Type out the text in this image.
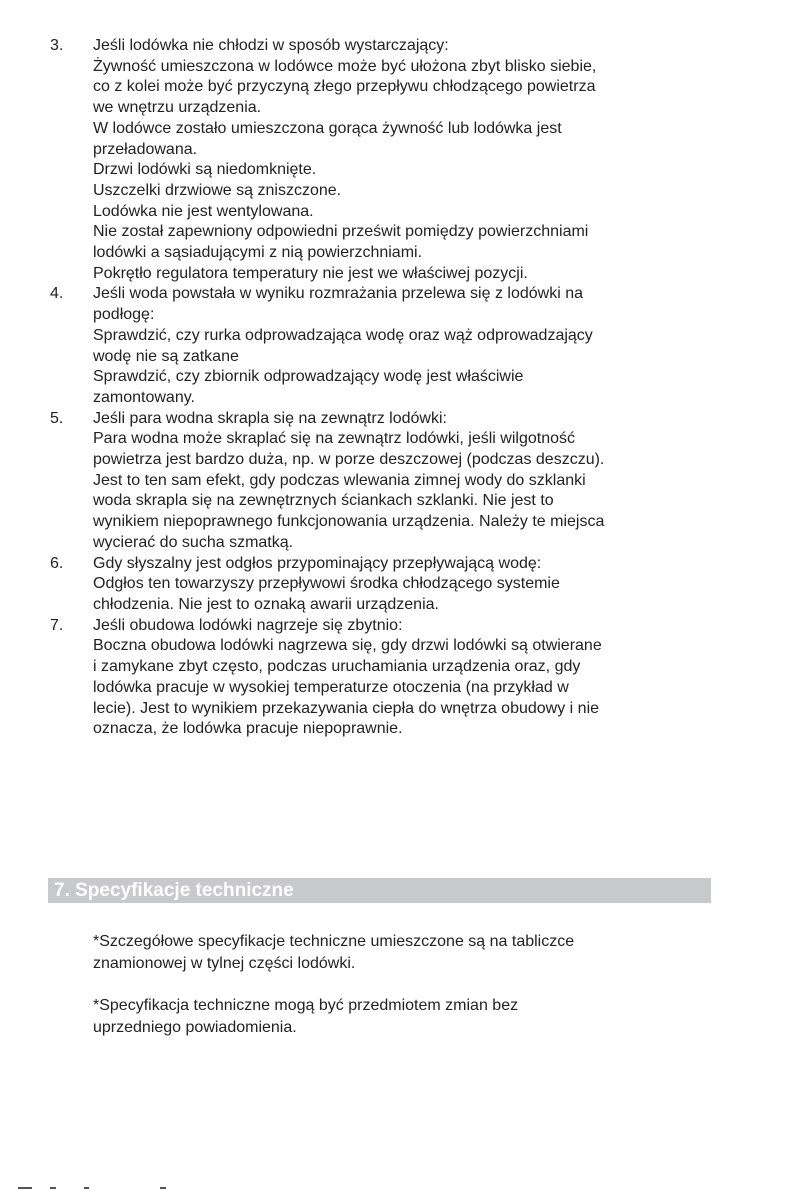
3.	Jeśli lodówka nie chłodzi w sposób wystarczający:
Żywność umieszczona w lodówce może być ułożona zbyt blisko siebie,
co z kolei może być przyczyną złego przepływu chłodzącego powietrza
we wnętrzu urządzenia.
W lodówce zostało umieszczona gorąca żywność lub lodówka jest
przeładowana.
Drzwi lodówki są niedomknięte.
Uszczelki drzwiowe są zniszczone.
Lodówka nie jest wentylowana.
Nie został zapewniony odpowiedni prześwit pomiędzy powierzchniami
lodówki a sąsiadującymi z nią powierzchniami.
Pokrętło regulatora temperatury nie jest we właściwej pozycji.
4.	Jeśli woda powstała w wyniku rozmrażania przelewa się z lodówki na
podłogę:
Sprawdzić, czy rurka odprowadzająca wodę oraz wąż odprowadzający
wodę nie są zatkane
Sprawdzić, czy zbiornik odprowadzający wodę jest właściwie
zamontowany.
5.	Jeśli para wodna skrapla się na zewnątrz lodówki:
Para wodna może skraplać się na zewnątrz lodówki, jeśli wilgotność
powietrza jest bardzo duża, np. w porze deszczowej (podczas deszczu).
Jest to ten sam efekt, gdy podczas wlewania zimnej wody do szklanki
woda skrapla się na zewnętrznych ściankach szklanki. Nie jest to
wynikiem niepoprawnego funkcjonowania urządzenia. Należy te miejsca
wycierać do sucha szmatką.
6.	Gdy słyszalny jest odgłos przypominający przepływającą wodę:
Odgłos ten towarzyszy przepływowi środka chłodzącego systemie
chłodzenia. Nie jest to oznaką awarii urządzenia.
7.	Jeśli obudowa lodówki nagrzeje się zbytnio:
Boczna obudowa lodówki nagrzewa się, gdy drzwi lodówki są otwierane
i zamykane zbyt często, podczas uruchamiania urządzenia oraz, gdy
lodówka pracuje w wysokiej temperaturze otoczenia (na przykład w
lecie). Jest to wynikiem przekazywania ciepła do wnętrza obudowy i nie
oznacza, że lodówka pracuje niepoprawnie.
7. Specyfikacje techniczne
*Szczegółowe specyfikacje techniczne umieszczone są na tabliczce
znamionowej w tylnej części lodówki.
*Specyfikacja techniczne mogą być przedmiotem zmian bez
uprzedniego powiadomienia.
